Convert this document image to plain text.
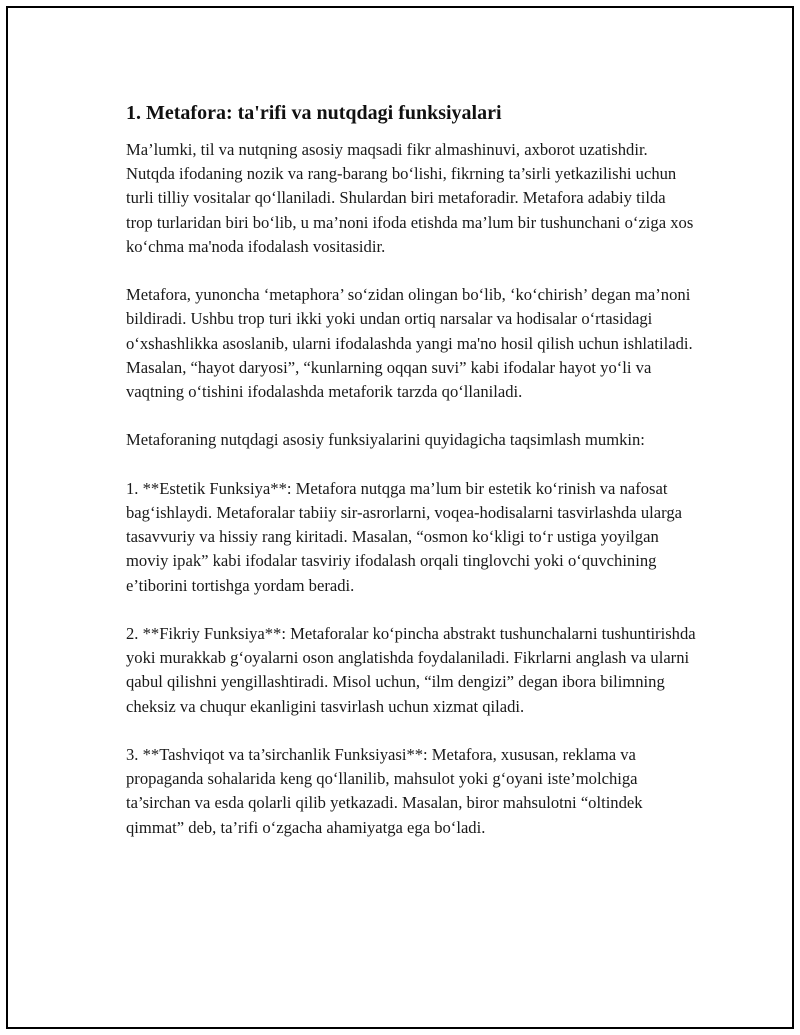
1. Metafora: ta'rifi va nutqdagi funksiyalari

Ma’lumki, til va nutqning asosiy maqsadi fikr almashinuvi, axborot uzatishdir. Nutqda ifodaning nozik va rang-barang bo‘lishi, fikrning ta’sirli yetkazilishi uchun turli tilliy vositalar qo‘llaniladi. Shulardan biri metaforadir. Metafora adabiy tilda trop turlaridan biri bo‘lib, u ma’noni ifoda etishda ma’lum bir tushunchani o‘ziga xos ko‘chma ma'noda ifodalash vositasidir.

Metafora, yunoncha ‘metaphora’ so‘zidan olingan bo‘lib, ‘ko‘chirish’ degan ma’noni bildiradi. Ushbu trop turi ikki yoki undan ortiq narsalar va hodisalar o‘rtasidagi o‘xshashlikka asoslanib, ularni ifodalashda yangi ma'no hosil qilish uchun ishlatiladi. Masalan, “hayot daryosi”, “kunlarning oqqan suvi” kabi ifodalar hayot yo‘li va vaqtning o‘tishini ifodalashda metaforik tarzda qo‘llaniladi.

Metaforaning nutqdagi asosiy funksiyalarini quyidagicha taqsimlash mumkin:

1. **Estetik Funksiya**: Metafora nutqga ma’lum bir estetik ko‘rinish va nafosat bag‘ishlaydi. Metaforalar tabiiy sir-asrorlarni, voqea-hodisalarni tasvirlashda ularga tasavvuriy va hissiy rang kiritadi. Masalan, “osmon ko‘kligi to‘r ustiga yoyilgan moviy ipak” kabi ifodalar tasviriy ifodalash orqali tinglovchi yoki o‘quvchining e’tiborini tortishga yordam beradi.

2. **Fikriy Funksiya**: Metaforalar ko‘pincha abstrakt tushunchalarni tushuntirishda yoki murakkab g‘oyalarni oson anglatishda foydalaniladi. Fikrlarni anglash va ularni qabul qilishni yengillashtiradi. Misol uchun, “ilm dengizi” degan ibora bilimning cheksiz va chuqur ekanligini tasvirlash uchun xizmat qiladi.

3. **Tashviqot va ta’sirchanlik Funksiyasi**: Metafora, xususan, reklama va propaganda sohalarida keng qo‘llanilib, mahsulot yoki g‘oyani iste’molchiga ta’sirchan va esda qolarli qilib yetkazadi. Masalan, biror mahsulotni “oltindek qimmat” deb, ta’rifi o‘zgacha ahamiyatga ega bo‘ladi.
